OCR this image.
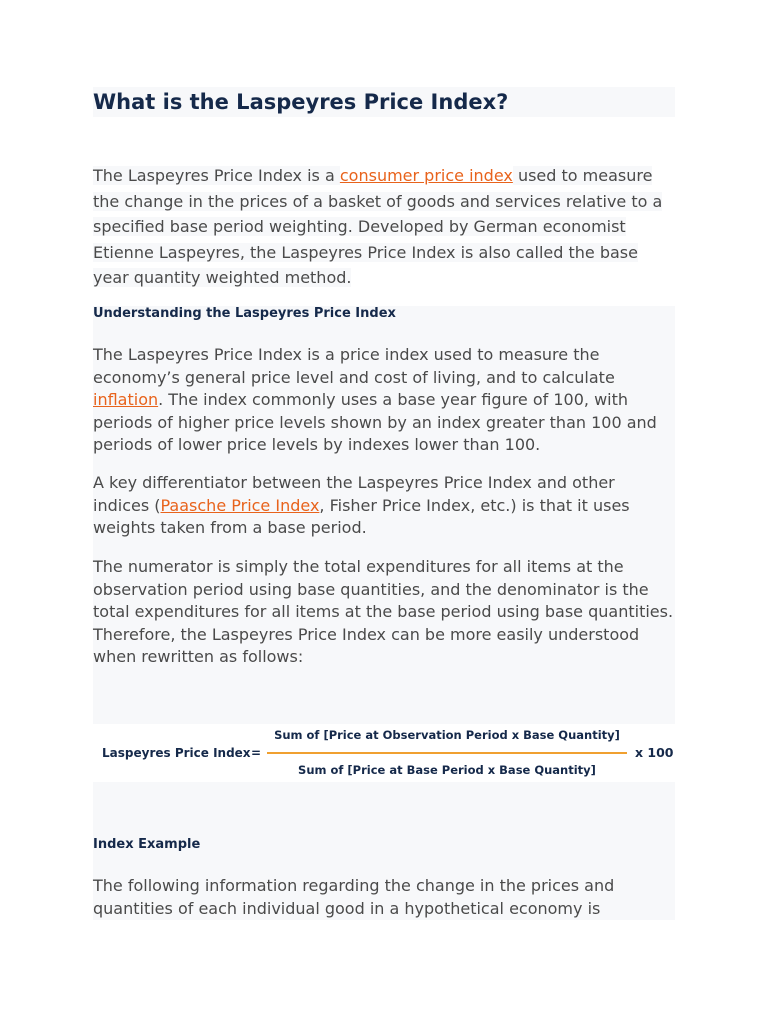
What is the Laspeyres Price Index?

The Laspeyres Price Index is a consumer price index used to measure the change in the prices of a basket of goods and services relative to a specified base period weighting. Developed by German economist Etienne Laspeyres, the Laspeyres Price Index is also called the base year quantity weighted method.

Understanding the Laspeyres Price Index

The Laspeyres Price Index is a price index used to measure the economy’s general price level and cost of living, and to calculate inflation. The index commonly uses a base year figure of 100, with periods of higher price levels shown by an index greater than 100 and periods of lower price levels by indexes lower than 100.

A key differentiator between the Laspeyres Price Index and other indices (Paasche Price Index, Fisher Price Index, etc.) is that it uses weights taken from a base period.

The numerator is simply the total expenditures for all items at the observation period using base quantities, and the denominator is the total expenditures for all items at the base period using base quantities. Therefore, the Laspeyres Price Index can be more easily understood when rewritten as follows:

Laspeyres Price Index =
Sum of [Price at Observation Period x Base Quantity]
Sum of [Price at Base Period x Base Quantity]
x 100
Index Example

The following information regarding the change in the prices and quantities of each individual good in a hypothetical economy is
